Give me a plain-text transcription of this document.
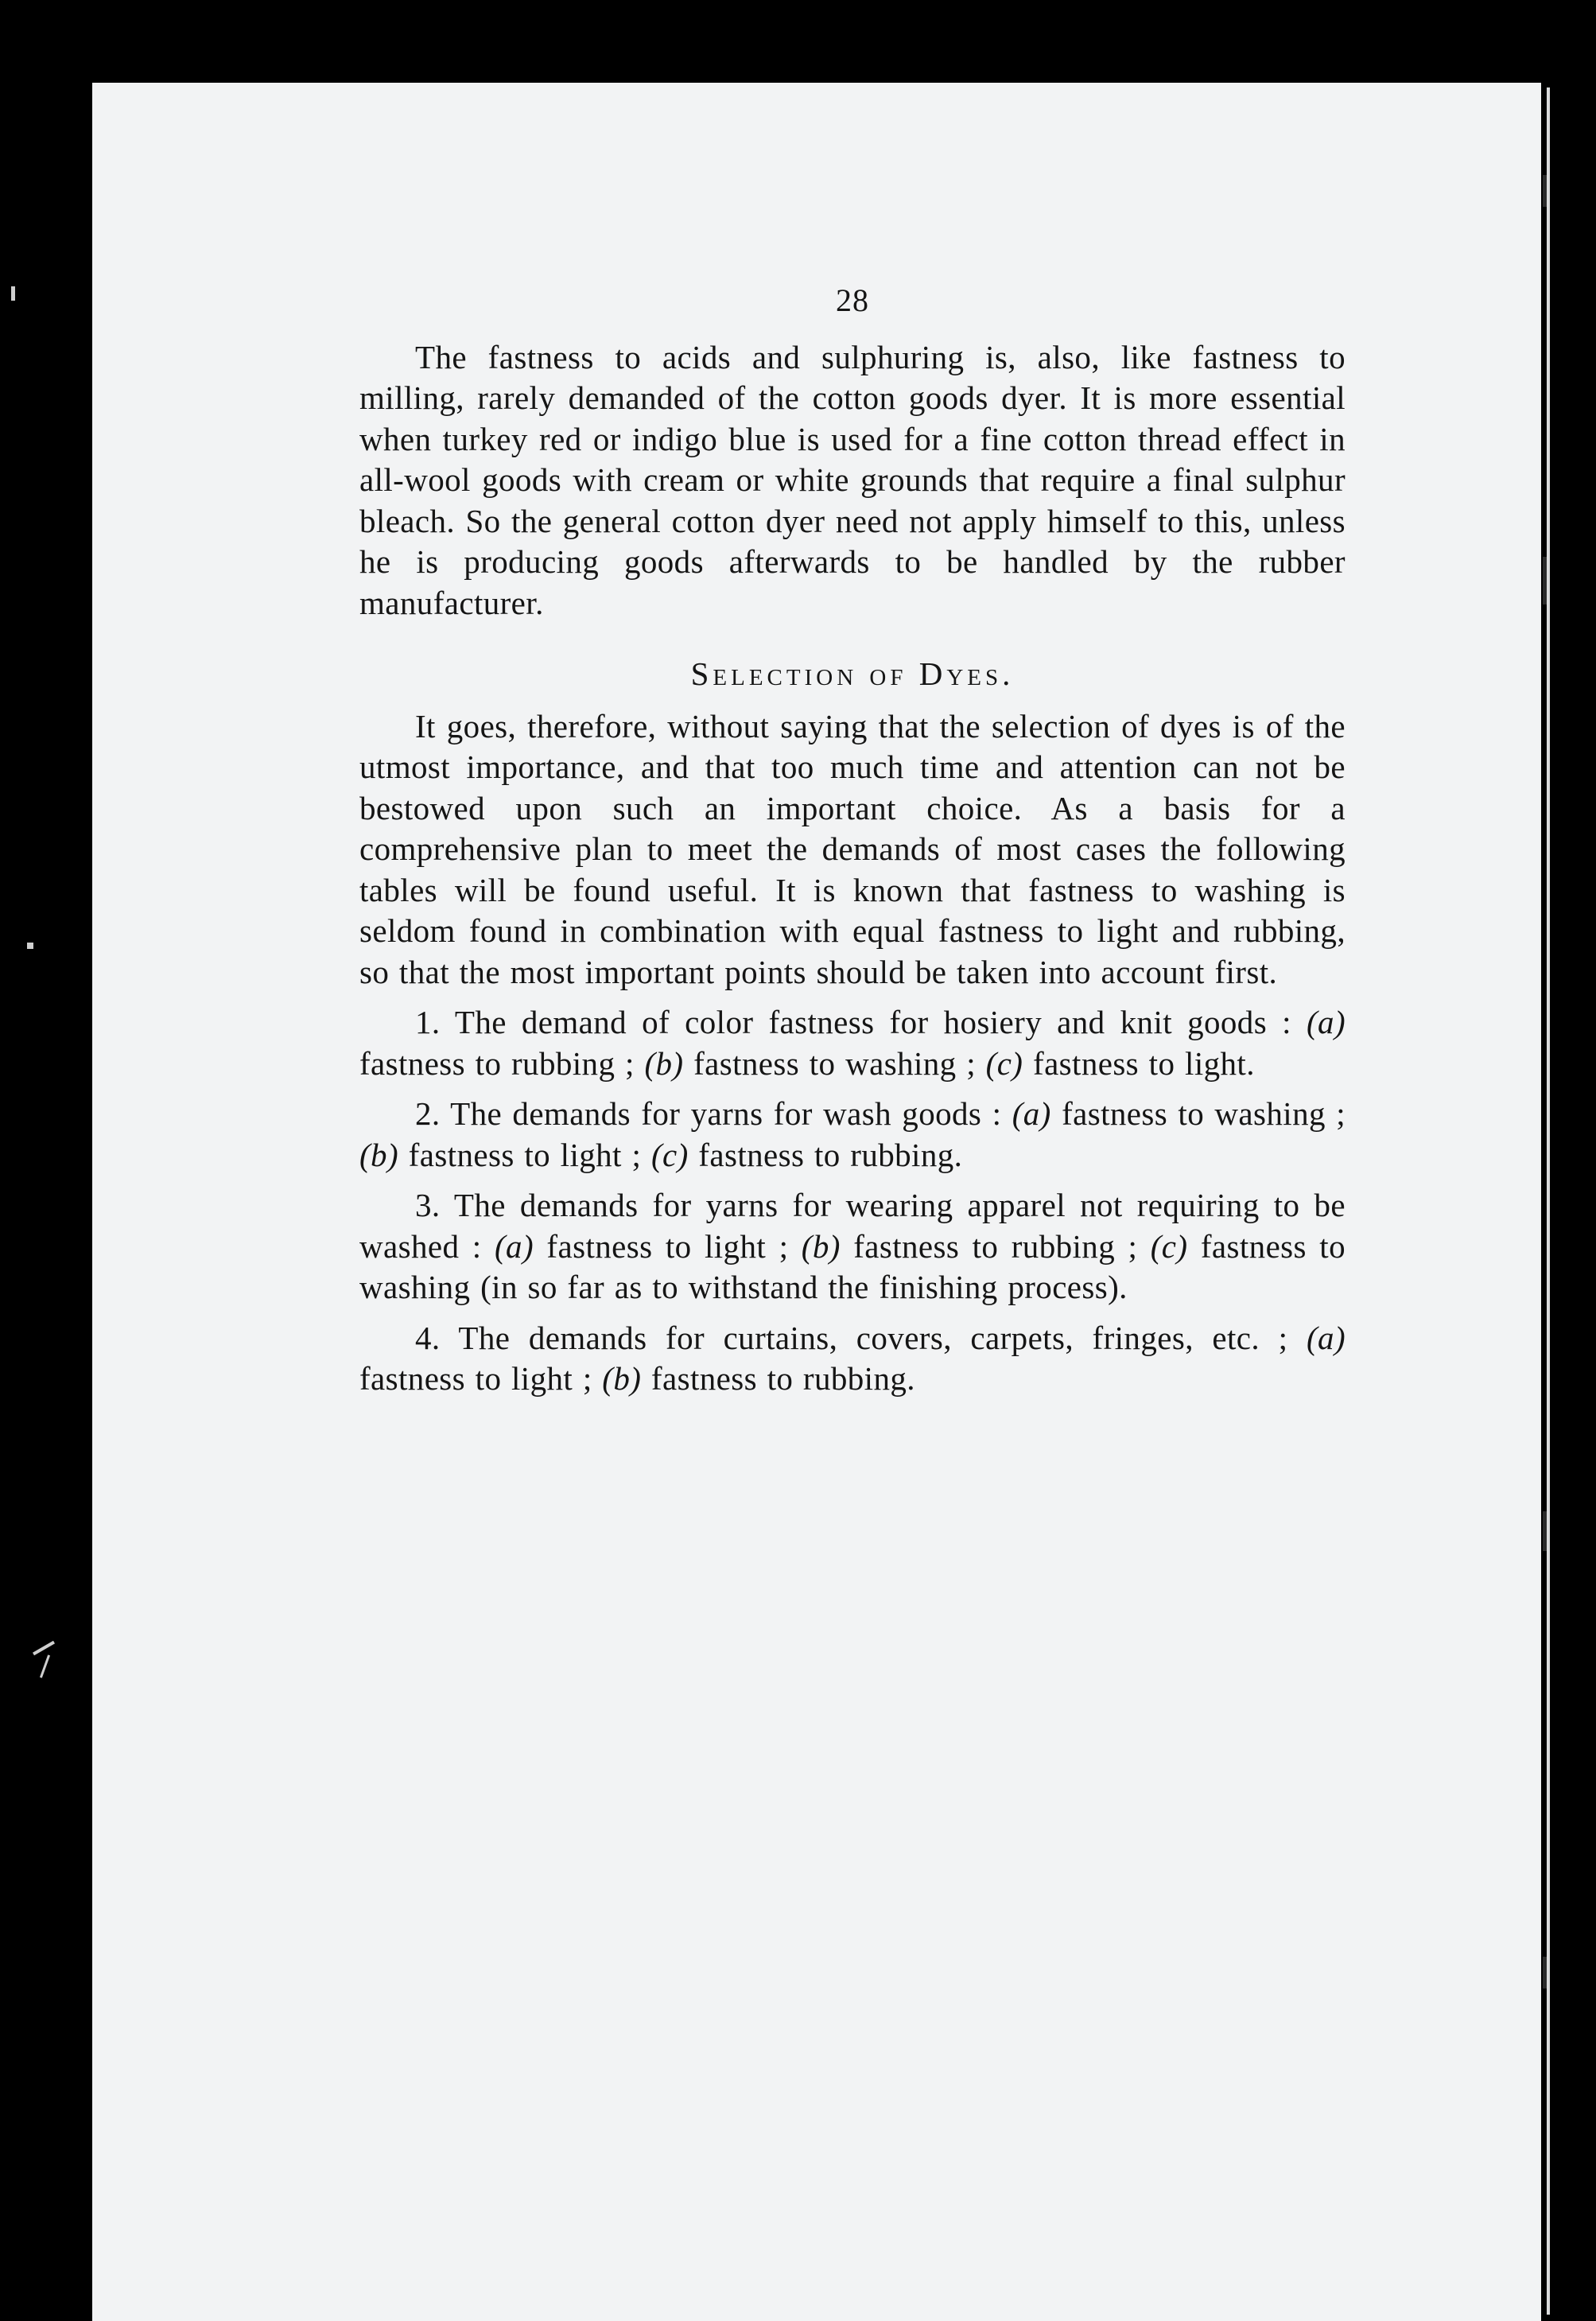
28

The fastness to acids and sulphuring is, also, like fastness to milling, rarely demanded of the cotton goods dyer. It is more essential when turkey red or indigo blue is used for a fine cotton thread effect in all-wool goods with cream or white grounds that require a final sulphur bleach. So the general cotton dyer need not apply himself to this, unless he is producing goods afterwards to be handled by the rubber manufacturer.

Selection of Dyes.

It goes, therefore, without saying that the selection of dyes is of the utmost importance, and that too much time and attention can not be bestowed upon such an important choice. As a basis for a comprehensive plan to meet the demands of most cases the following tables will be found useful. It is known that fastness to washing is seldom found in combination with equal fastness to light and rubbing, so that the most important points should be taken into account first.

1. The demand of color fastness for hosiery and knit goods : (a) fastness to rubbing ; (b) fastness to washing ; (c) fastness to light.

2. The demands for yarns for wash goods : (a) fastness to washing ; (b) fastness to light ; (c) fastness to rubbing.

3. The demands for yarns for wearing apparel not requiring to be washed : (a) fastness to light ; (b) fastness to rubbing ; (c) fastness to washing (in so far as to withstand the finishing process).

4. The demands for curtains, covers, carpets, fringes, etc. ; (a) fastness to light ; (b) fastness to rubbing.
